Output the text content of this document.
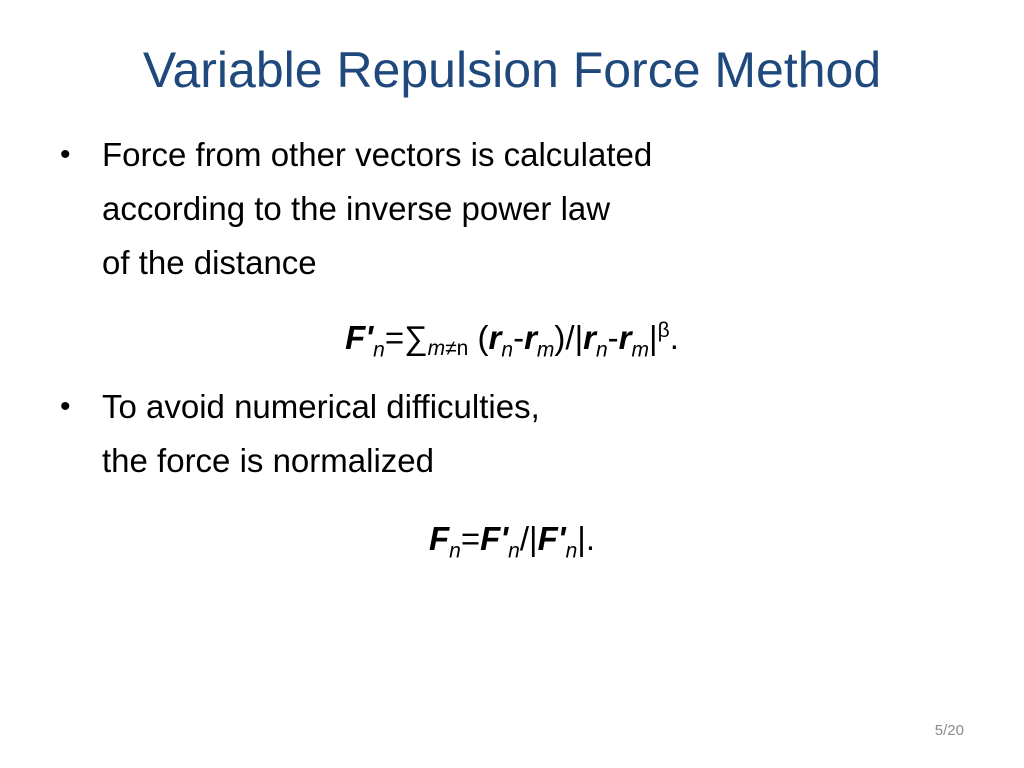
Variable Repulsion Force Method
• Force from other vectors is calculated
according to the inverse power law
of the distance
$F'_n=\sum m\ne n$ $(r_n-r_m)/|r_n-r_m|^\beta$.
• To avoid numerical difficulties,
the force is normalized
$F_n=F'_n/|F'_n|$.
5/20
